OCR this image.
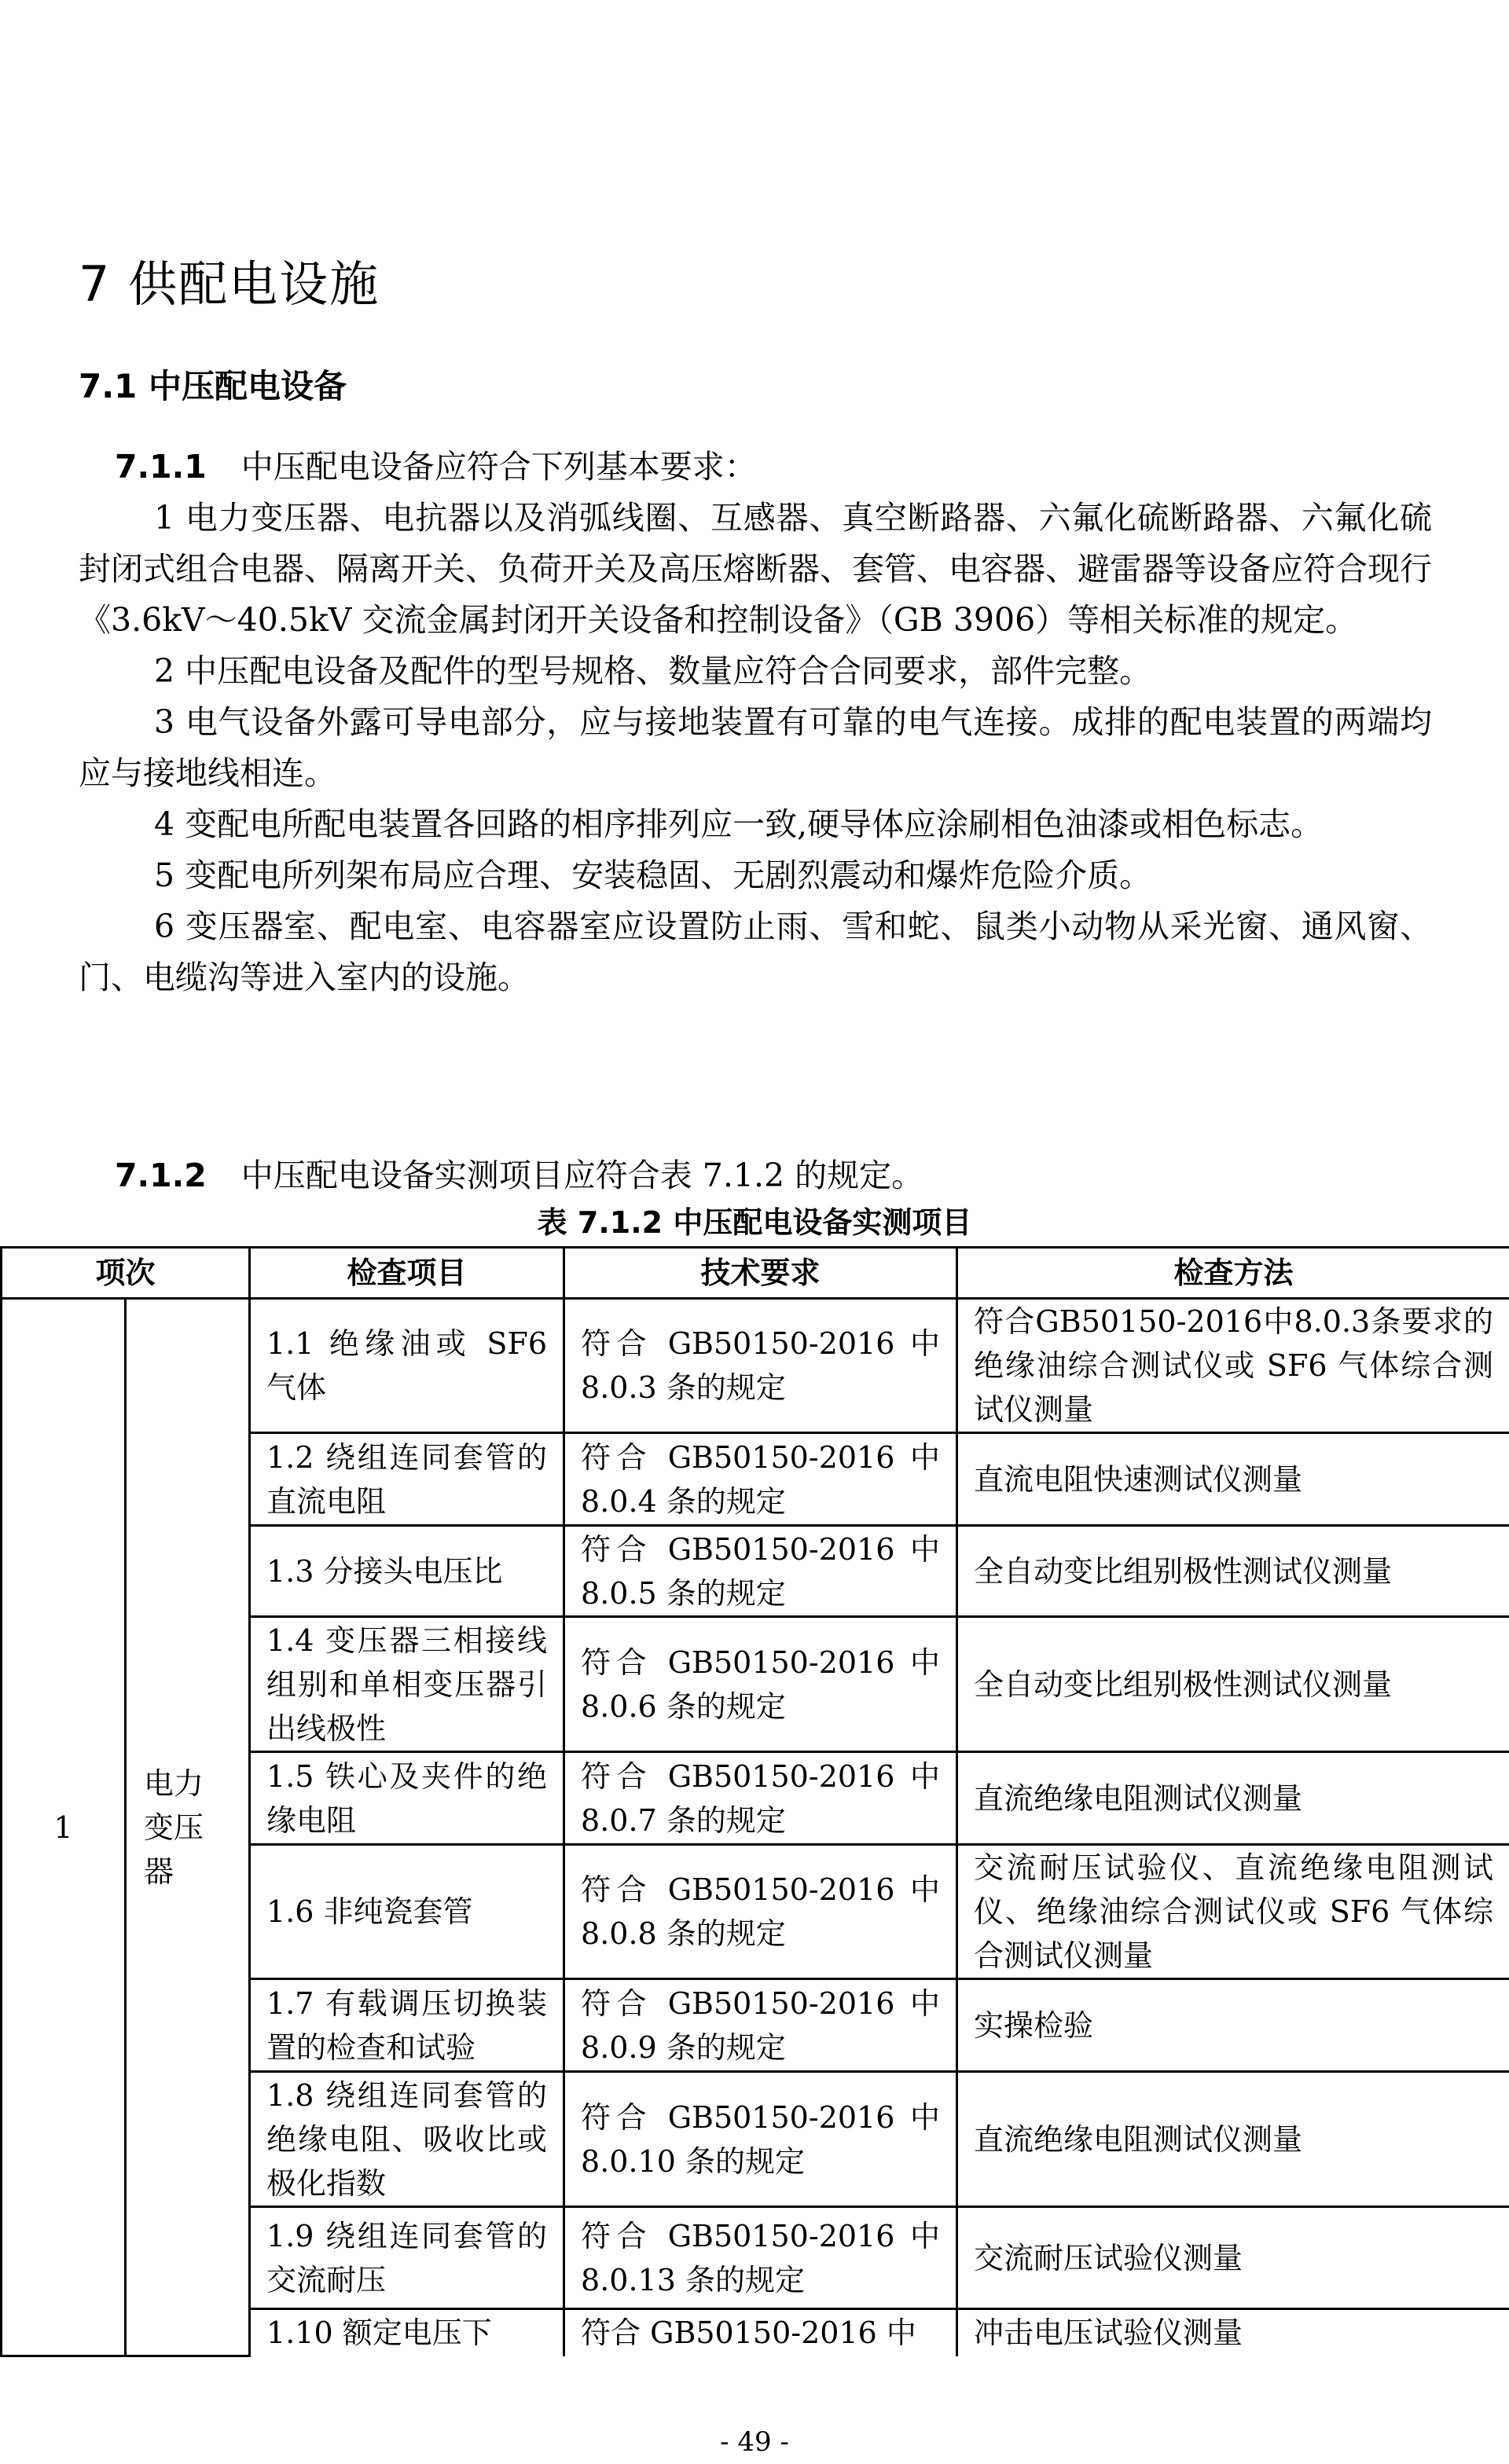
7 供配电设施
7.1 中压配电设备

7.1.1 中压配电设备应符合下列基本要求：

1 电力变压器、电抗器以及消弧线圈、互感器、真空断路器、六氟化硫断路器、六氟化硫封闭式组合电器、隔离开关、负荷开关及高压熔断器、套管、电容器、避雷器等设备应符合现行《3.6kV～40.5kV 交流金属封闭开关设备和控制设备》（GB 3906）等相关标准的规定。

2 中压配电设备及配件的型号规格、数量应符合合同要求，部件完整。

3 电气设备外露可导电部分，应与接地装置有可靠的电气连接。成排的配电装置的两端均应与接地线相连。

4 变配电所配电装置各回路的相序排列应一致,硬导体应涂刷相色油漆或相色标志。

5 变配电所列架布局应合理、安装稳固、无剧烈震动和爆炸危险介质。

6 变压器室、配电室、电容器室应设置防止雨、雪和蛇、鼠类小动物从采光窗、通风窗、门、电缆沟等进入室内的设施。

7.1.2 中压配电设备实测项目应符合表 7.1.2 的规定。

表 7.1.2 中压配电设备实测项目

项次		检查项目	技术要求	检查方法
1	电力变压器	1.1 绝缘油或 SF6 气体	符合 GB50150-2016 中 8.0.3 条的规定	符合GB50150-2016中8.0.3条要求的绝缘油综合测试仪或 SF6 气体综合测试仪测量
		1.2 绕组连同套管的直流电阻	符合 GB50150-2016 中 8.0.4 条的规定	直流电阻快速测试仪测量
		1.3 分接头电压比	符合 GB50150-2016 中 8.0.5 条的规定	全自动变比组别极性测试仪测量
		1.4 变压器三相接线组别和单相变压器引出线极性	符合 GB50150-2016 中 8.0.6 条的规定	全自动变比组别极性测试仪测量
		1.5 铁心及夹件的绝缘电阻	符合 GB50150-2016 中 8.0.7 条的规定	直流绝缘电阻测试仪测量
		1.6 非纯瓷套管	符合 GB50150-2016 中 8.0.8 条的规定	交流耐压试验仪、直流绝缘电阻测试仪、绝缘油综合测试仪或 SF6 气体综合测试仪测量
		1.7 有载调压切换装置的检查和试验	符合 GB50150-2016 中 8.0.9 条的规定	实操检验
		1.8 绕组连同套管的绝缘电阻、吸收比或极化指数	符合 GB50150-2016 中 8.0.10 条的规定	直流绝缘电阻测试仪测量
		1.9 绕组连同套管的交流耐压	符合 GB50150-2016 中 8.0.13 条的规定	交流耐压试验仪测量
		1.10 额定电压下	符合 GB50150-2016 中	冲击电压试验仪测量

- 49 -
